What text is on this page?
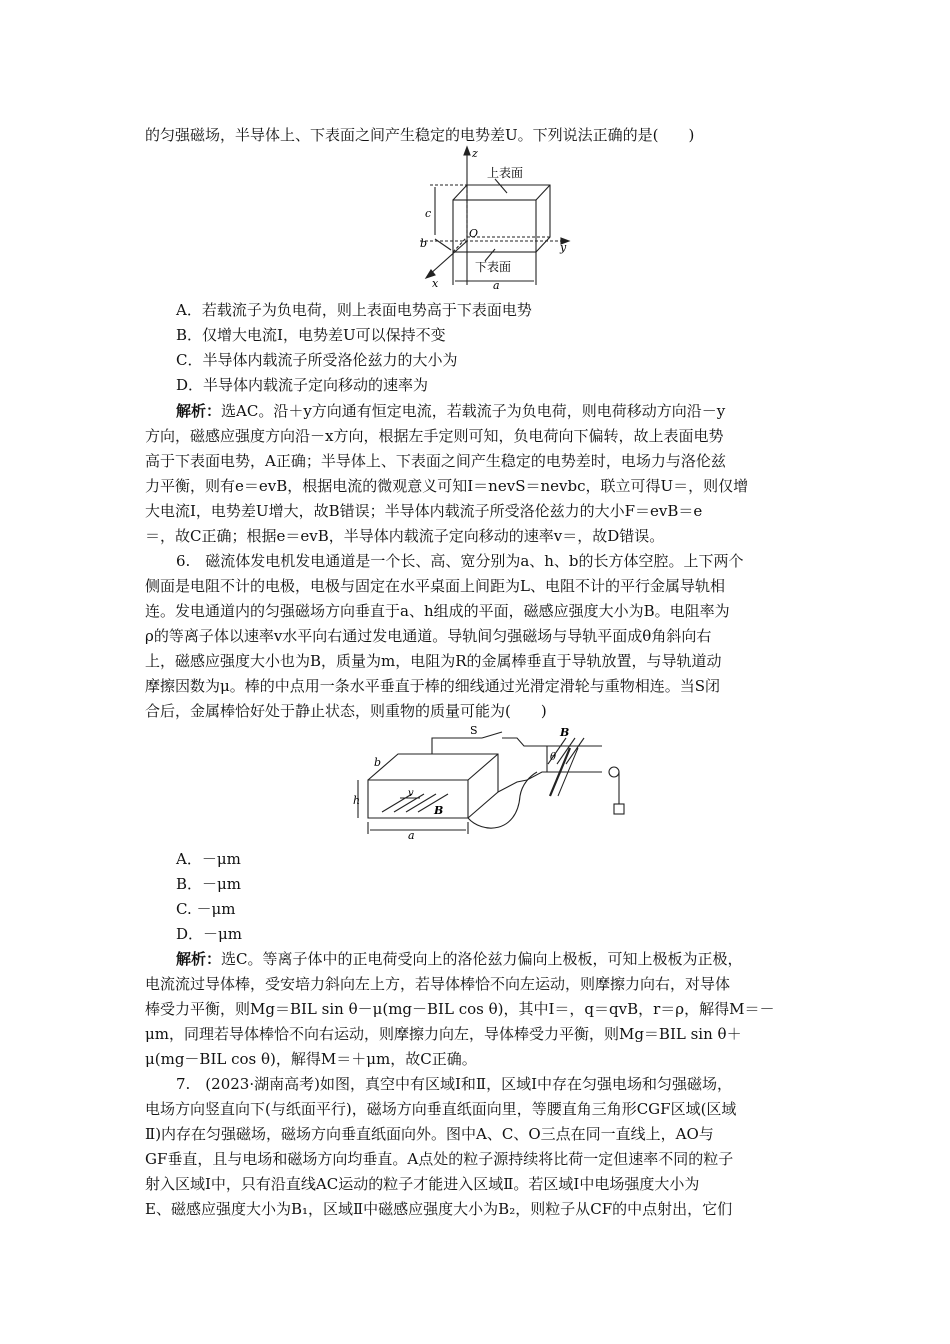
的匀强磁场，半导体上、下表面之间产生稳定的电势差U。下列说法正确的是(　　)
z
y
x
O
上表面
下表面
c
b
a
A．若载流子为负电荷，则上表面电势高于下表面电势
B．仅增大电流I，电势差U可以保持不变
C．半导体内载流子所受洛伦兹力的大小为
D．半导体内载流子定向移动的速率为
解析：选AC。沿＋y方向通有恒定电流，若载流子为负电荷，则电荷移动方向沿－y
方向，磁感应强度方向沿－x方向，根据左手定则可知，负电荷向下偏转，故上表面电势
高于下表面电势，A正确；半导体上、下表面之间产生稳定的电势差时，电场力与洛伦兹
力平衡，则有e＝evB，根据电流的微观意义可知I＝nevS＝nevbc，联立可得U＝，则仅增
大电流I，电势差U增大，故B错误；半导体内载流子所受洛伦兹力的大小F＝evB＝e
＝，故C正确；根据e＝evB，半导体内载流子定向移动的速率v＝，故D错误。
6.　磁流体发电机发电通道是一个长、高、宽分别为a、h、b的长方体空腔。上下两个
侧面是电阻不计的电极，电极与固定在水平桌面上间距为L、电阻不计的平行金属导轨相
连。发电通道内的匀强磁场方向垂直于a、h组成的平面，磁感应强度大小为B。电阻率为
ρ的等离子体以速率v水平向右通过发电通道。导轨间匀强磁场与导轨平面成θ角斜向右
上，磁感应强度大小也为B，质量为m，电阻为R的金属棒垂直于导轨放置，与导轨道动
摩擦因数为μ。棒的中点用一条水平垂直于棒的细线通过光滑定滑轮与重物相连。当S闭
合后，金属棒恰好处于静止状态，则重物的质量可能为(　　)
S	B
θ
b
h
a
v
B
A．－μm
B．－μm
C. －μm
D．－μm
解析：选C。等离子体中的正电荷受向上的洛伦兹力偏向上极板，可知上极板为正极，
电流流过导体棒，受安培力斜向左上方，若导体棒恰不向左运动，则摩擦力向右，对导体
棒受力平衡，则Mg＝BIL sin θ－μ(mg－BIL cos θ)，其中I＝，q＝qvB，r＝ρ，解得M＝－
μm，同理若导体棒恰不向右运动，则摩擦力向左，导体棒受力平衡，则Mg＝BIL sin θ＋
μ(mg－BIL cos θ)，解得M＝＋μm，故C正确。
7.　(2023·湖南高考)如图，真空中有区域Ⅰ和Ⅱ，区域Ⅰ中存在匀强电场和匀强磁场，
电场方向竖直向下(与纸面平行)，磁场方向垂直纸面向里，等腰直角三角形CGF区域(区域
Ⅱ)内存在匀强磁场，磁场方向垂直纸面向外。图中A、C、O三点在同一直线上，AO与
GF垂直，且与电场和磁场方向均垂直。A点处的粒子源持续将比荷一定但速率不同的粒子
射入区域Ⅰ中，只有沿直线AC运动的粒子才能进入区域Ⅱ。若区域Ⅰ中电场强度大小为
E、磁感应强度大小为B₁，区域Ⅱ中磁感应强度大小为B₂，则粒子从CF的中点射出，它们
